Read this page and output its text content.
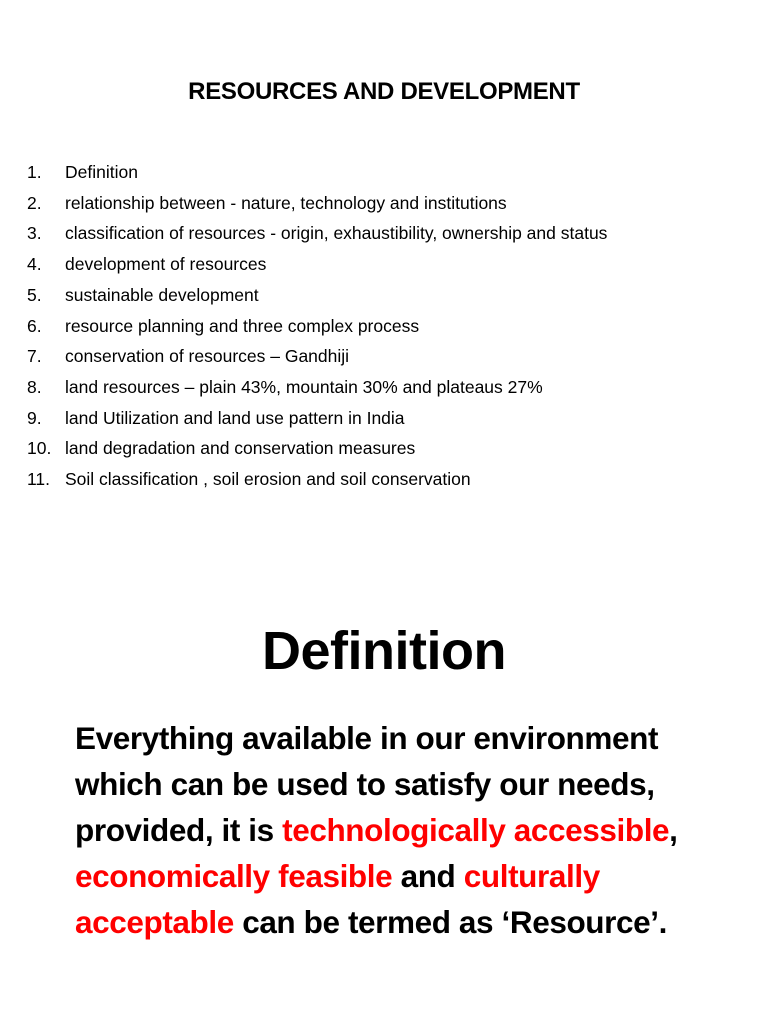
RESOURCES AND DEVELOPMENT
1.	Definition
2.	relationship between - nature, technology and institutions
3.	classification of resources - origin, exhaustibility, ownership and status
4.	development of resources
5.	sustainable development
6.	resource planning and three complex process
7.	conservation of resources – Gandhiji
8.	land resources – plain 43%, mountain 30% and plateaus 27%
9.	land Utilization and land use pattern in India
10. land degradation and conservation measures
11. Soil classification , soil erosion and soil conservation
Definition
Everything available in our environment
which can be used to satisfy our needs,
provided, it is technologically accessible,
economically feasible and culturally
acceptable can be termed as ‘Resource’.
